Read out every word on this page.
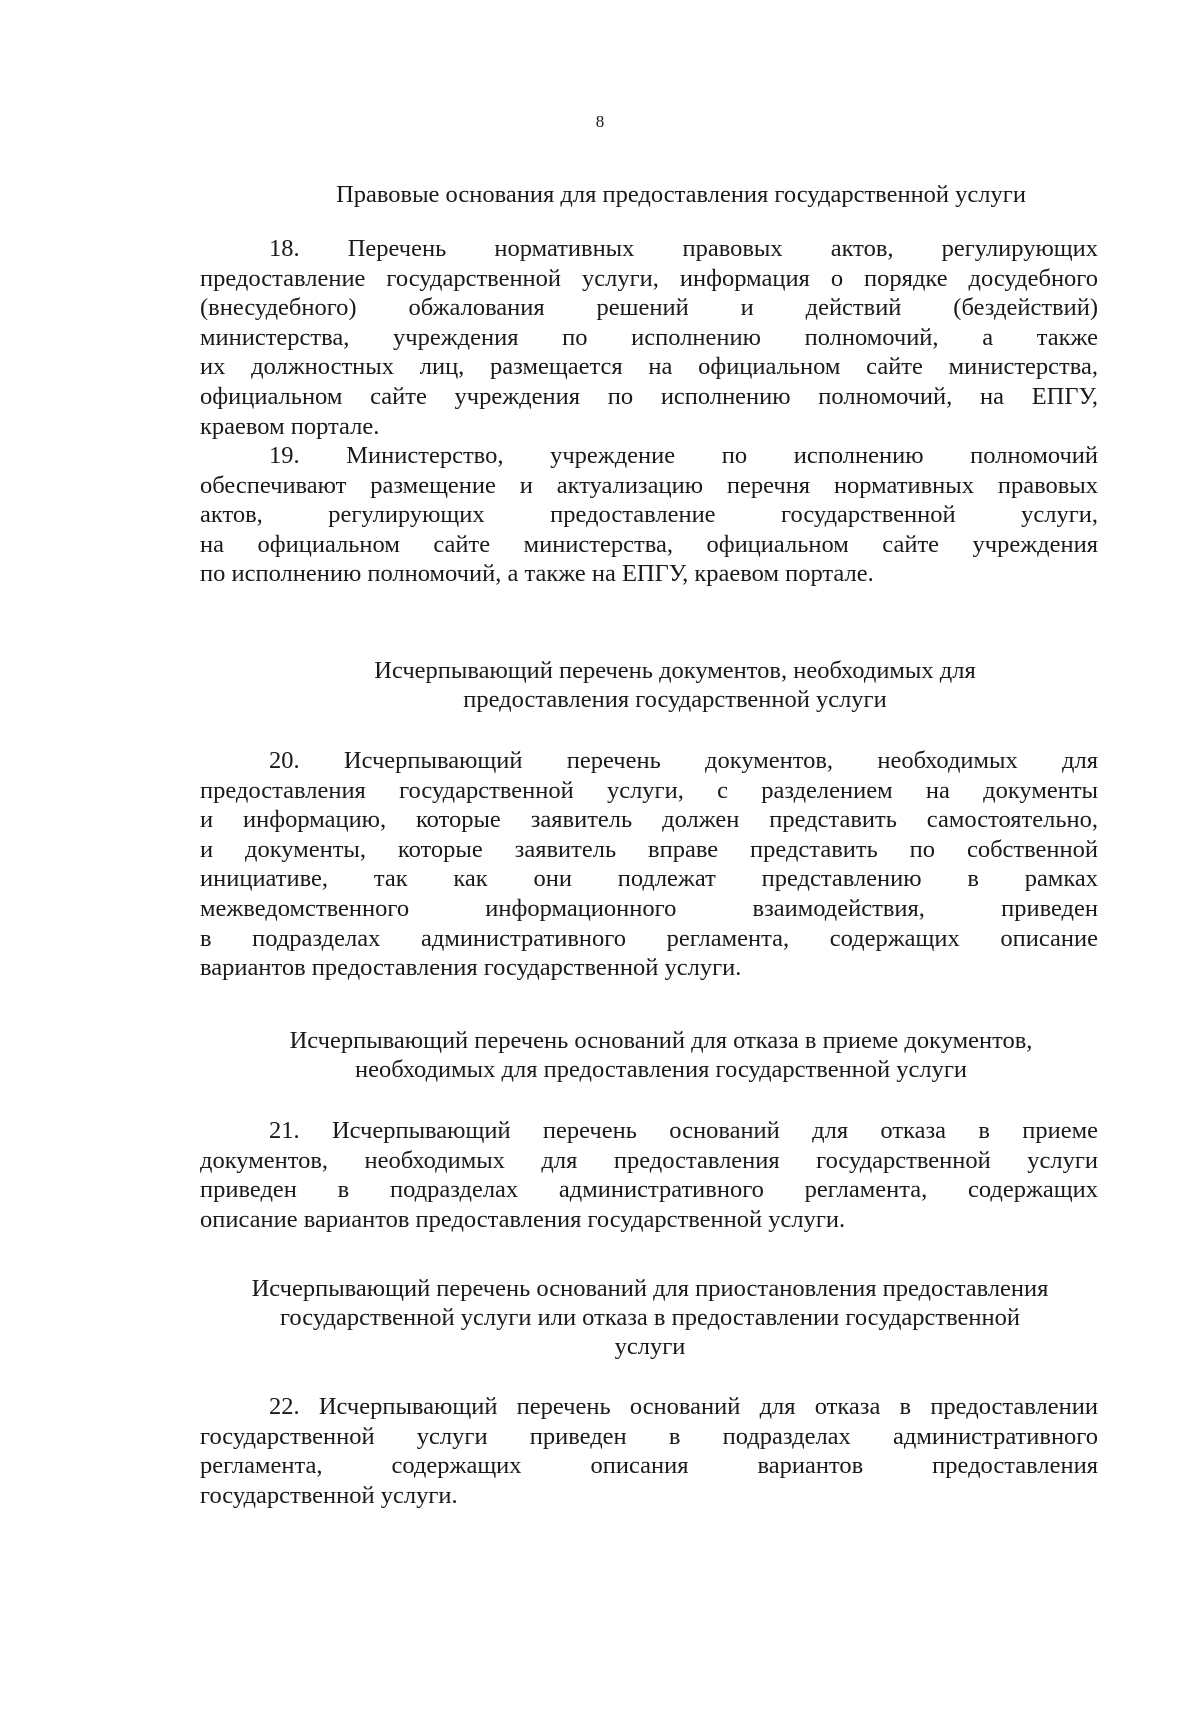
8
Правовые основания для предоставления государственной услуги
18. Перечень нормативных правовых актов, регулирующих
предоставление государственной услуги, информация о порядке досудебного
(внесудебного) обжалования решений и действий (бездействий)
министерства, учреждения по исполнению полномочий, а также
их должностных лиц, размещается на официальном сайте министерства,
официальном сайте учреждения по исполнению полномочий, на ЕПГУ,
краевом портале.
19. Министерство, учреждение по исполнению полномочий
обеспечивают размещение и актуализацию перечня нормативных правовых
актов, регулирующих предоставление государственной услуги,
на официальном сайте министерства, официальном сайте учреждения
по исполнению полномочий, а также на ЕПГУ, краевом портале.
Исчерпывающий перечень документов, необходимых для
предоставления государственной услуги
20. Исчерпывающий перечень документов, необходимых для
предоставления государственной услуги, с разделением на документы
и информацию, которые заявитель должен представить самостоятельно,
и документы, которые заявитель вправе представить по собственной
инициативе, так как они подлежат представлению в рамках
межведомственного информационного взаимодействия, приведен
в подразделах административного регламента, содержащих описание
вариантов предоставления государственной услуги.
Исчерпывающий перечень оснований для отказа в приеме документов,
необходимых для предоставления государственной услуги
21. Исчерпывающий перечень оснований для отказа в приеме
документов, необходимых для предоставления государственной услуги
приведен в подразделах административного регламента, содержащих
описание вариантов предоставления государственной услуги.
Исчерпывающий перечень оснований для приостановления предоставления
государственной услуги или отказа в предоставлении государственной
услуги
22. Исчерпывающий перечень оснований для отказа в предоставлении
государственной услуги приведен в подразделах административного
регламента, содержащих описания вариантов предоставления
государственной услуги.
